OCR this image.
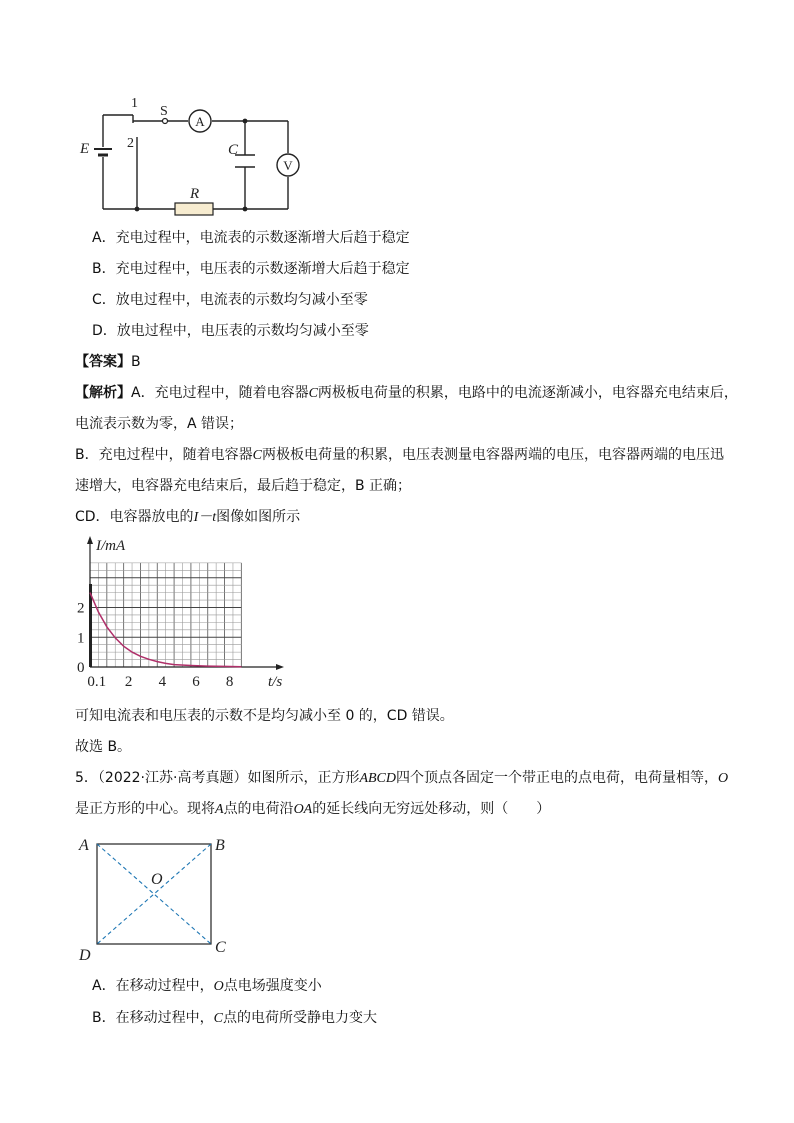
A
V
1
S
2
E	C
R
A．充电过程中，电流表的示数逐渐增大后趋于稳定
B．充电过程中，电压表的示数逐渐增大后趋于稳定
C．放电过程中，电流表的示数均匀减小至零
D．放电过程中，电压表的示数均匀减小至零
【答案】B
【解析】A．充电过程中，随着电容器C两极板电荷量的积累，电路中的电流逐渐减小，电容器充电结束后，
电流表示数为零，A 错误；
B．充电过程中，随着电容器C两极板电荷量的积累，电压表测量电容器两端的电压，电容器两端的电压迅
速增大，电容器充电结束后，最后趋于稳定，B 正确；
CD．电容器放电的I－t图像如图所示
0
1
2
0.1 2 4 6 8
I/mA
t/s
可知电流表和电压表的示数不是均匀减小至 0 的，CD 错误。
故选 B。
5．（2022·江苏·高考真题）如图所示，正方形ABCD四个顶点各固定一个带正电的点电荷，电荷量相等，O
是正方形的中心。现将A点的电荷沿OA的延长线向无穷远处移动，则（　　）
A	B
C
D
O
A．在移动过程中，O点电场强度变小
B．在移动过程中，C点的电荷所受静电力变大
